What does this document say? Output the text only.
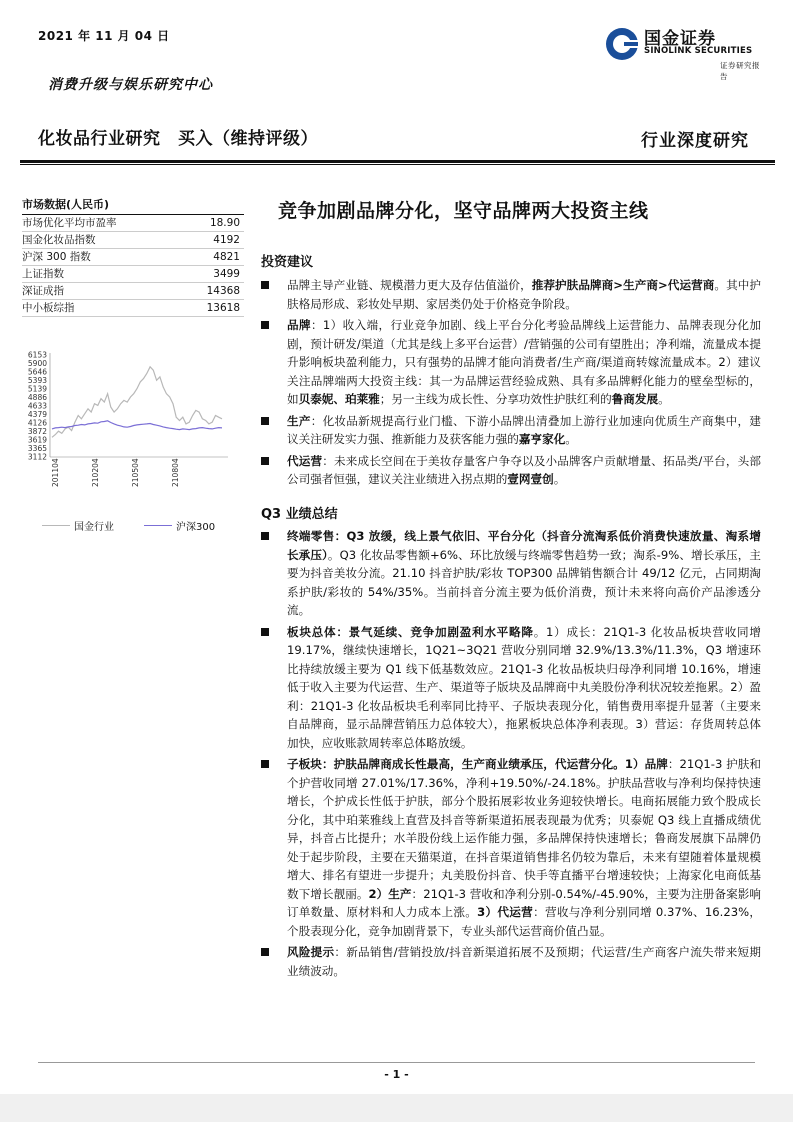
2021 年 11 月 04 日
消费升级与娱乐研究中心
国金证券
SINOLINK SECURITIES
证券研究报告
化妆品行业研究　买入（维持评级）	行业深度研究
市场数据(人民币)
市场优化平均市盈率	18.90
国金化妆品指数	4192
沪深 300 指数	4821
上证指数	3499
深证成指	14368
中小板综指	13618
6153
5900
5646
5393
5139
4886
4633
4379
4126
3872
3619
3365
3112
201104	210204	210504	210804
国金行业	沪深300
竞争加剧品牌分化，坚守品牌两大投资主线
投资建议
品牌主导产业链、规模潜力更大及存估值溢价，推荐护肤品牌商>生产商>代运营商。其中护肤格局形成、彩妆处早期、家居类仍处于价格竞争阶段。
品牌：1）收入端，行业竞争加剧、线上平台分化考验品牌线上运营能力、品牌表现分化加剧，预计研发/渠道（尤其是线上多平台运营）/营销强的公司有望胜出；净利端，流量成本提升影响板块盈利能力，只有强势的品牌才能向消费者/生产商/渠道商转嫁流量成本。2）建议关注品牌端两大投资主线：其一为品牌运营经验成熟、具有多品牌孵化能力的壁垒型标的，如贝泰妮、珀莱雅；另一主线为成长性、分享功效性护肤红利的鲁商发展。
生产：化妆品新规提高行业门槛、下游小品牌出清叠加上游行业加速向优质生产商集中，建议关注研发实力强、推新能力及获客能力强的嘉亨家化。
代运营：未来成长空间在于美妆存量客户争夺以及小品牌客户贡献增量、拓品类/平台，头部公司强者恒强，建议关注业绩进入拐点期的壹网壹创。
Q3 业绩总结
终端零售：Q3 放缓，线上景气依旧、平台分化（抖音分流淘系低价消费快速放量、淘系增长承压）。Q3 化妆品零售额+6%、环比放缓与终端零售趋势一致；淘系-9%、增长承压，主要为抖音美妆分流。21.10 抖音护肤/彩妆 TOP300 品牌销售额合计 49/12 亿元，占同期淘系护肤/彩妆的 54%/35%。当前抖音分流主要为低价消费，预计未来将向高价产品渗透分流。
板块总体：景气延续、竞争加剧盈利水平略降。1）成长：21Q1-3 化妆品板块营收同增 19.17%，继续快速增长，1Q21~3Q21 营收分别同增 32.9%/13.3%/11.3%，Q3 增速环比持续放缓主要为 Q1 线下低基数效应。21Q1-3 化妆品板块归母净利同增 10.16%，增速低于收入主要为代运营、生产、渠道等子版块及品牌商中丸美股份净利状况较差拖累。2）盈利：21Q1-3 化妆品板块毛利率同比持平、子版块表现分化，销售费用率提升显著（主要来自品牌商，显示品牌营销压力总体较大），拖累板块总体净利表现。3）营运：存货周转总体加快，应收账款周转率总体略放缓。
子板块：护肤品牌商成长性最高，生产商业绩承压，代运营分化。1）品牌：21Q1-3 护肤和个护营收同增 27.01%/17.36%，净利+19.50%/-24.18%。护肤品营收与净利均保持快速增长，个护成长性低于护肤，部分个股拓展彩妆业务迎较快增长。电商拓展能力致个股成长分化，其中珀莱雅线上直营及抖音等新渠道拓展表现最为优秀；贝泰妮 Q3 线上直播成绩优异，抖音占比提升；水羊股份线上运作能力强，多品牌保持快速增长；鲁商发展旗下品牌仍处于起步阶段，主要在天猫渠道，在抖音渠道销售排名仍较为靠后，未来有望随着体量规模增大、排名有望进一步提升；丸美股份抖音、快手等直播平台增速较快；上海家化电商低基数下增长靓丽。2）生产：21Q1-3 营收和净利分别-0.54%/-45.90%，主要为注册备案影响订单数量、原材料和人力成本上涨。3）代运营：营收与净利分别同增 0.37%、16.23%，个股表现分化，竞争加剧背景下，专业头部代运营商价值凸显。
风险提示：新品销售/营销投放/抖音新渠道拓展不及预期；代运营/生产商客户流失带来短期业绩波动。
- 1 -
